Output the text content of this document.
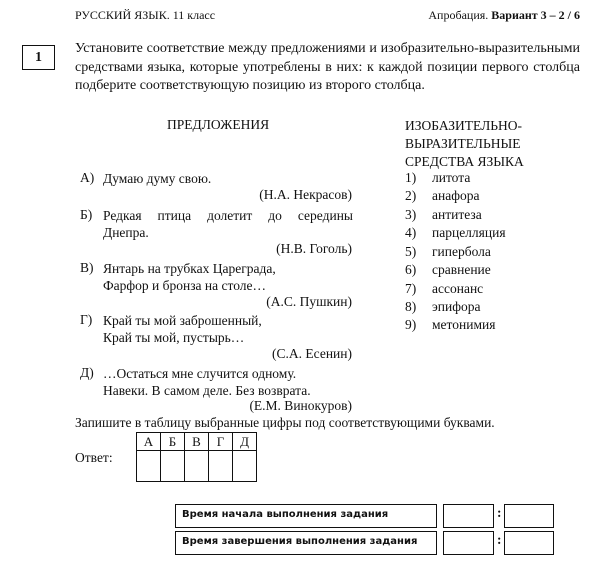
РУССКИЙ ЯЗЫК. 11 класс	Апробация. Вариант 3 – 2 / 6
1
Установите соответствие между предложениями и изобразительно-выразительными средствами языка, которые употреблены в них: к каждой позиции первого столбца подберите соответствующую позицию из второго столбца.
ПРЕДЛОЖЕНИЯ	ИЗОБАЗИТЕЛЬНО-
ВЫРАЗИТЕЛЬНЫЕ
СРЕДСТВА ЯЗЫКА
А) Думаю думу свою.
(Н.А. Некрасов)
Б) Редкая птица долетит до середины
Днепра.
(Н.В. Гоголь)
В) Янтарь на трубках Цареграда,
Фарфор и бронза на столе…
(А.С. Пушкин)
Г) Край ты мой заброшенный,
Край ты мой, пустырь…
(С.А. Есенин)
Д) …Остаться мне случится одному.
Навеки. В самом деле. Без возврата.
(Е.М. Винокуров)
1) литота
2) анафора
3) антитеза
4) парцелляция
5) гипербола
6) сравнение
7) ассонанс
8) эпифора
9) метонимия
Запишите в таблицу выбранные цифры под соответствующими буквами.
Ответ:
А	Б	В	Г	Д

Время начала выполнения задания	:
Время завершения выполнения задания	:
